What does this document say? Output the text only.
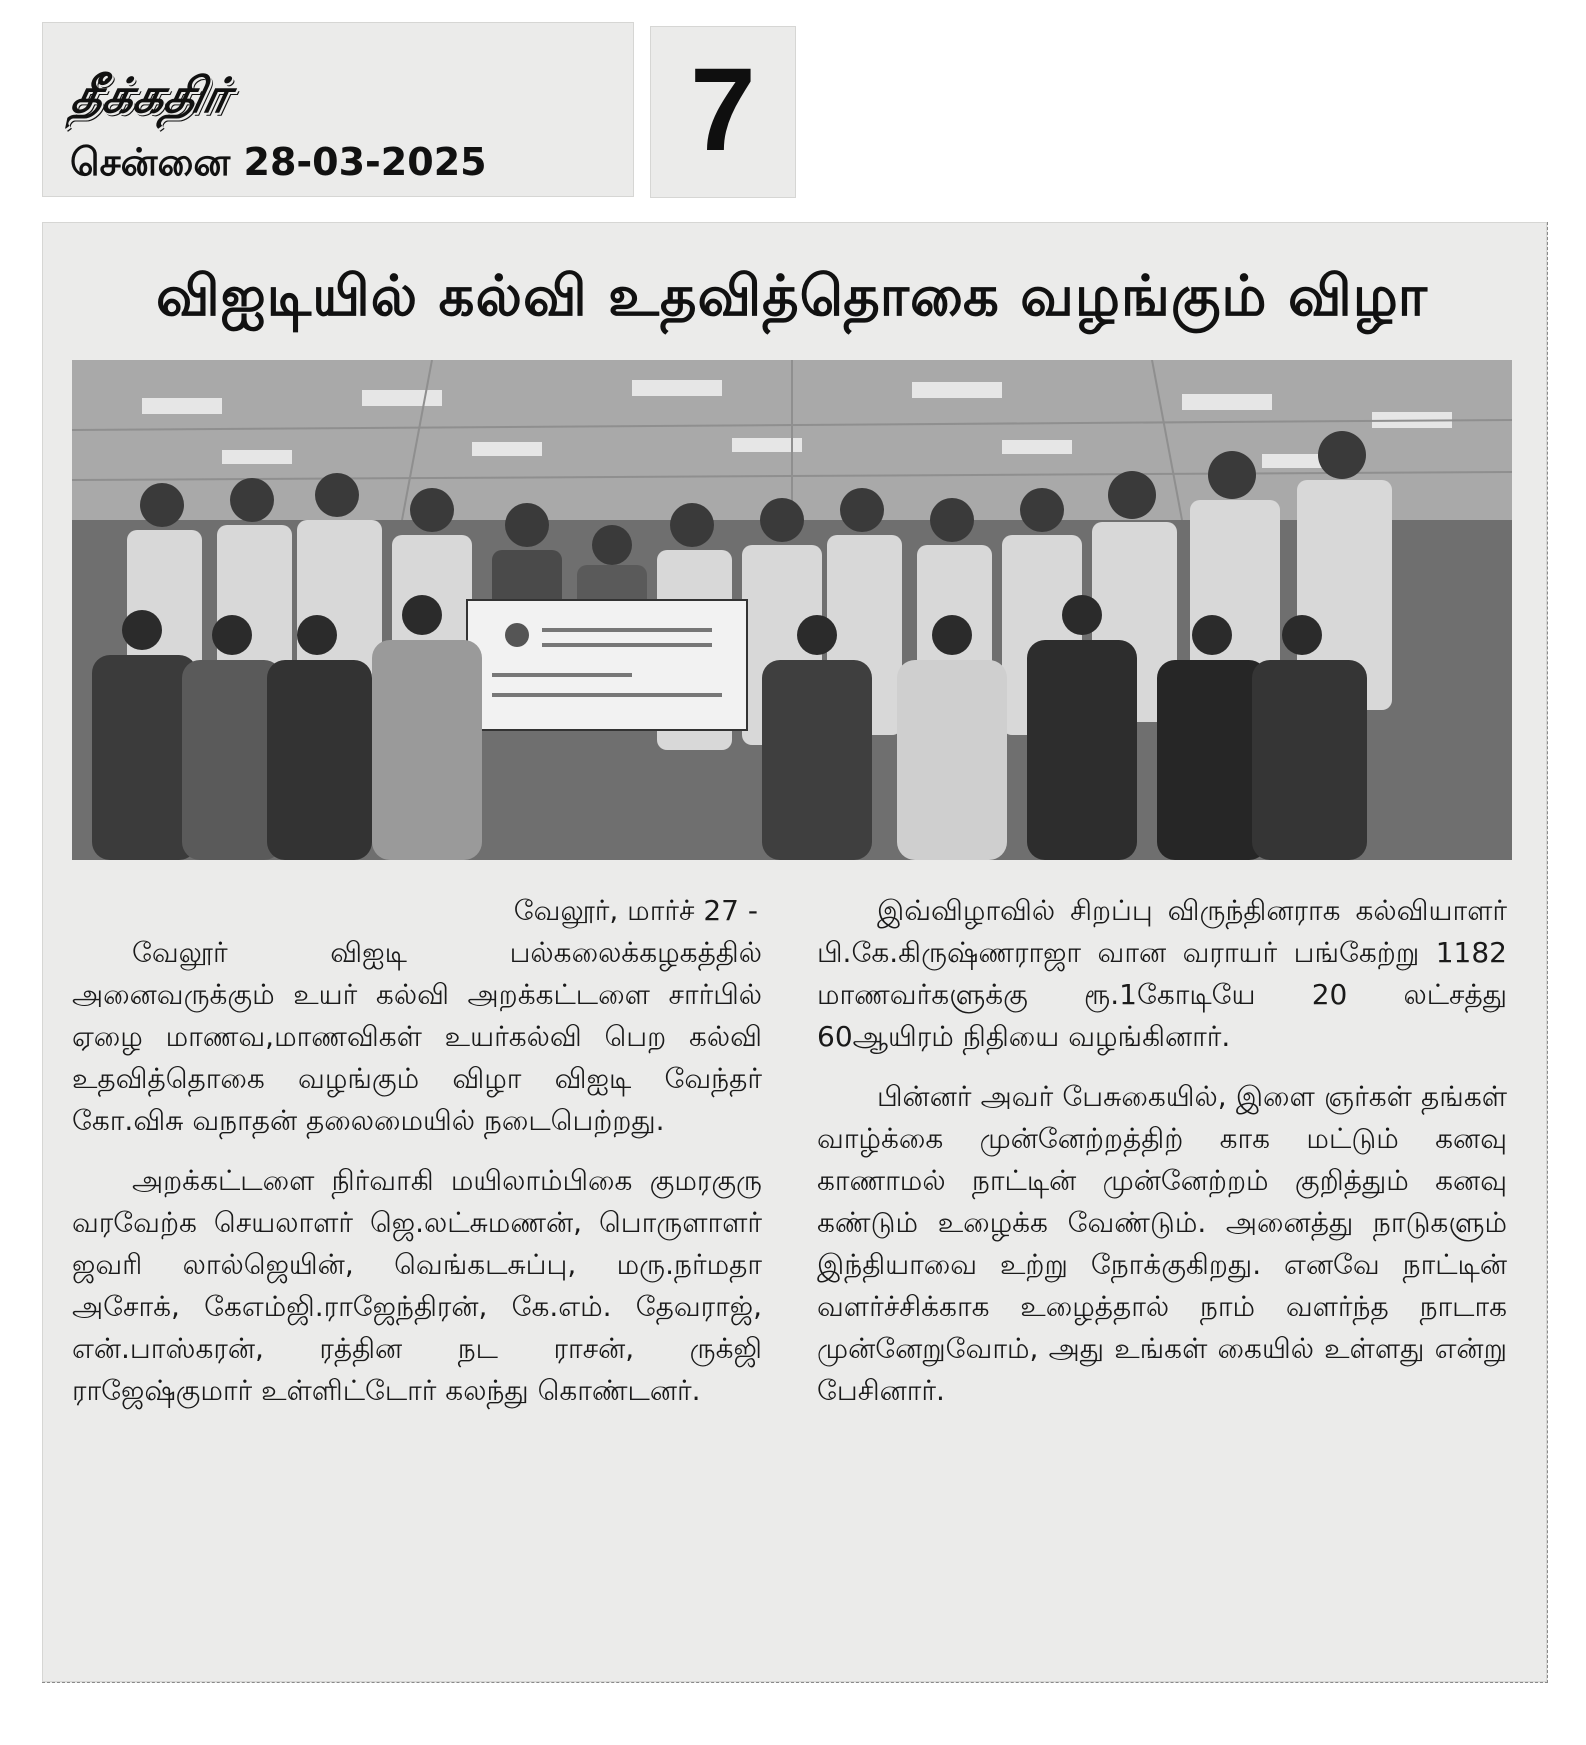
தீக்கதிர்
சென்னை 28-03-2025	7
விஐடியில் கல்வி உதவித்தொகை வழங்கும் விழா

வேலூர், மார்ச் 27 -

வேலூர் விஐடி பல்கலைக்கழகத்தில் அனைவருக்கும் உயர் கல்வி அறக்கட்டளை சார்பில் ஏழை மாணவ,மாணவிகள் உயர்கல்வி பெற கல்வி உதவித்தொகை வழங்கும் விழா விஐடி வேந்தர் கோ.விசு வநாதன் தலைமையில் நடைபெற்றது.

அறக்கட்டளை நிர்வாகி மயிலாம்பிகை குமரகுரு வரவேற்க செயலாளர் ஜெ.லட்சுமணன், பொருளாளர் ஜவரி லால்ஜெயின், வெங்கடசுப்பு, மரு.நர்மதா அசோக், கேஎம்ஜி.ராஜேந்திரன், கே.எம். தேவராஜ், என்.பாஸ்கரன், ரத்தின நட ராசன், ருக்ஜி ராஜேஷ்குமார் உள்ளிட்டோர் கலந்து கொண்டனர்.

இவ்விழாவில் சிறப்பு விருந்தினராக கல்வியாளர் பி.கே.கிருஷ்ணராஜா வான வராயர் பங்கேற்று 1182 மாணவர்களுக்கு ரூ.1கோடியே 20 லட்சத்து 60ஆயிரம் நிதியை வழங்கினார்.

பின்னர் அவர் பேசுகையில், இளை ஞர்கள் தங்கள் வாழ்க்கை முன்னேற்றத்திற் காக மட்டும் கனவு காணாமல் நாட்டின் முன்னேற்றம் குறித்தும் கனவு கண்டும் உழைக்க வேண்டும். அனைத்து நாடுகளும் இந்தியாவை உற்று நோக்குகிறது. எனவே நாட்டின் வளர்ச்சிக்காக உழைத்தால் நாம் வளர்ந்த நாடாக முன்னேறுவோம், அது உங்கள் கையில் உள்ளது என்று பேசினார்.
